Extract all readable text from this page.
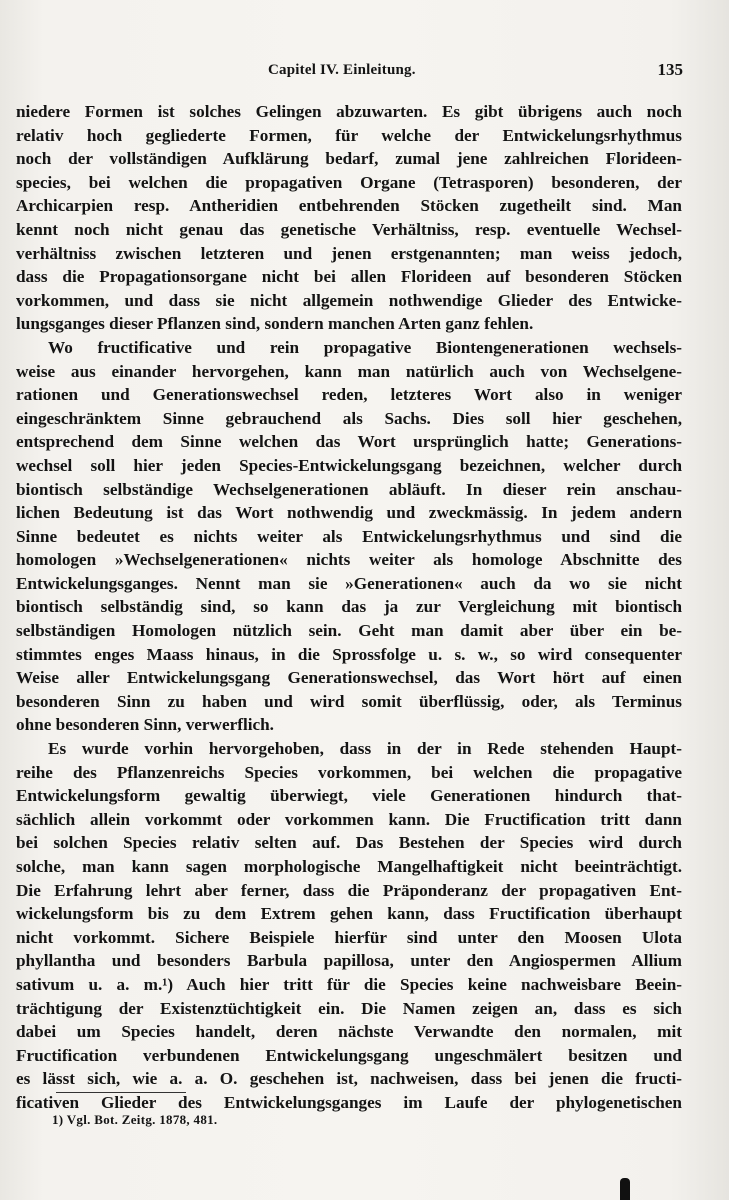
Capitel IV. Einleitung.	135
niedere Formen ist solches Gelingen abzuwarten. Es gibt übrigens auch noch
relativ hoch gegliederte Formen, für welche der Entwickelungsrhythmus
noch der vollständigen Aufklärung bedarf, zumal jene zahlreichen Florideen-
species, bei welchen die propagativen Organe (Tetrasporen) besonderen, der
Archicarpien resp. Antheridien entbehrenden Stöcken zugetheilt sind. Man
kennt noch nicht genau das genetische Verhältniss, resp. eventuelle Wechsel-
verhältniss zwischen letzteren und jenen erstgenannten; man weiss jedoch,
dass die Propagationsorgane nicht bei allen Florideen auf besonderen Stöcken
vorkommen, und dass sie nicht allgemein nothwendige Glieder des Entwicke-
lungsganges dieser Pflanzen sind, sondern manchen Arten ganz fehlen.
Wo fructificative und rein propagative Biontengenerationen wechsels-
weise aus einander hervorgehen, kann man natürlich auch von Wechselgene-
rationen und Generationswechsel reden, letzteres Wort also in weniger
eingeschränktem Sinne gebrauchend als Sachs. Dies soll hier geschehen,
entsprechend dem Sinne welchen das Wort ursprünglich hatte; Generations-
wechsel soll hier jeden Species-Entwickelungsgang bezeichnen, welcher durch
biontisch selbständige Wechselgenerationen abläuft. In dieser rein anschau-
lichen Bedeutung ist das Wort nothwendig und zweckmässig. In jedem andern
Sinne bedeutet es nichts weiter als Entwickelungsrhythmus und sind die
homologen »Wechselgenerationen« nichts weiter als homologe Abschnitte des
Entwickelungsganges. Nennt man sie »Generationen« auch da wo sie nicht
biontisch selbständig sind, so kann das ja zur Vergleichung mit biontisch
selbständigen Homologen nützlich sein. Geht man damit aber über ein be-
stimmtes enges Maass hinaus, in die Sprossfolge u. s. w., so wird consequenter
Weise aller Entwickelungsgang Generationswechsel, das Wort hört auf einen
besonderen Sinn zu haben und wird somit überflüssig, oder, als Terminus
ohne besonderen Sinn, verwerflich.
Es wurde vorhin hervorgehoben, dass in der in Rede stehenden Haupt-
reihe des Pflanzenreichs Species vorkommen, bei welchen die propagative
Entwickelungsform gewaltig überwiegt, viele Generationen hindurch that-
sächlich allein vorkommt oder vorkommen kann. Die Fructification tritt dann
bei solchen Species relativ selten auf. Das Bestehen der Species wird durch
solche, man kann sagen morphologische Mangelhaftigkeit nicht beeinträchtigt.
Die Erfahrung lehrt aber ferner, dass die Präponderanz der propagativen Ent-
wickelungsform bis zu dem Extrem gehen kann, dass Fructification überhaupt
nicht vorkommt. Sichere Beispiele hierfür sind unter den Moosen Ulota
phyllantha und besonders Barbula papillosa, unter den Angiospermen Allium
sativum u. a. m.¹) Auch hier tritt für die Species keine nachweisbare Beein-
trächtigung der Existenztüchtigkeit ein. Die Namen zeigen an, dass es sich
dabei um Species handelt, deren nächste Verwandte den normalen, mit
Fructification verbundenen Entwickelungsgang ungeschmälert besitzen und
es lässt sich, wie a. a. O. geschehen ist, nachweisen, dass bei jenen die fructi-
ficativen Glieder des Entwickelungsganges im Laufe der phylogenetischen
1) Vgl. Bot. Zeitg. 1878, 481.
